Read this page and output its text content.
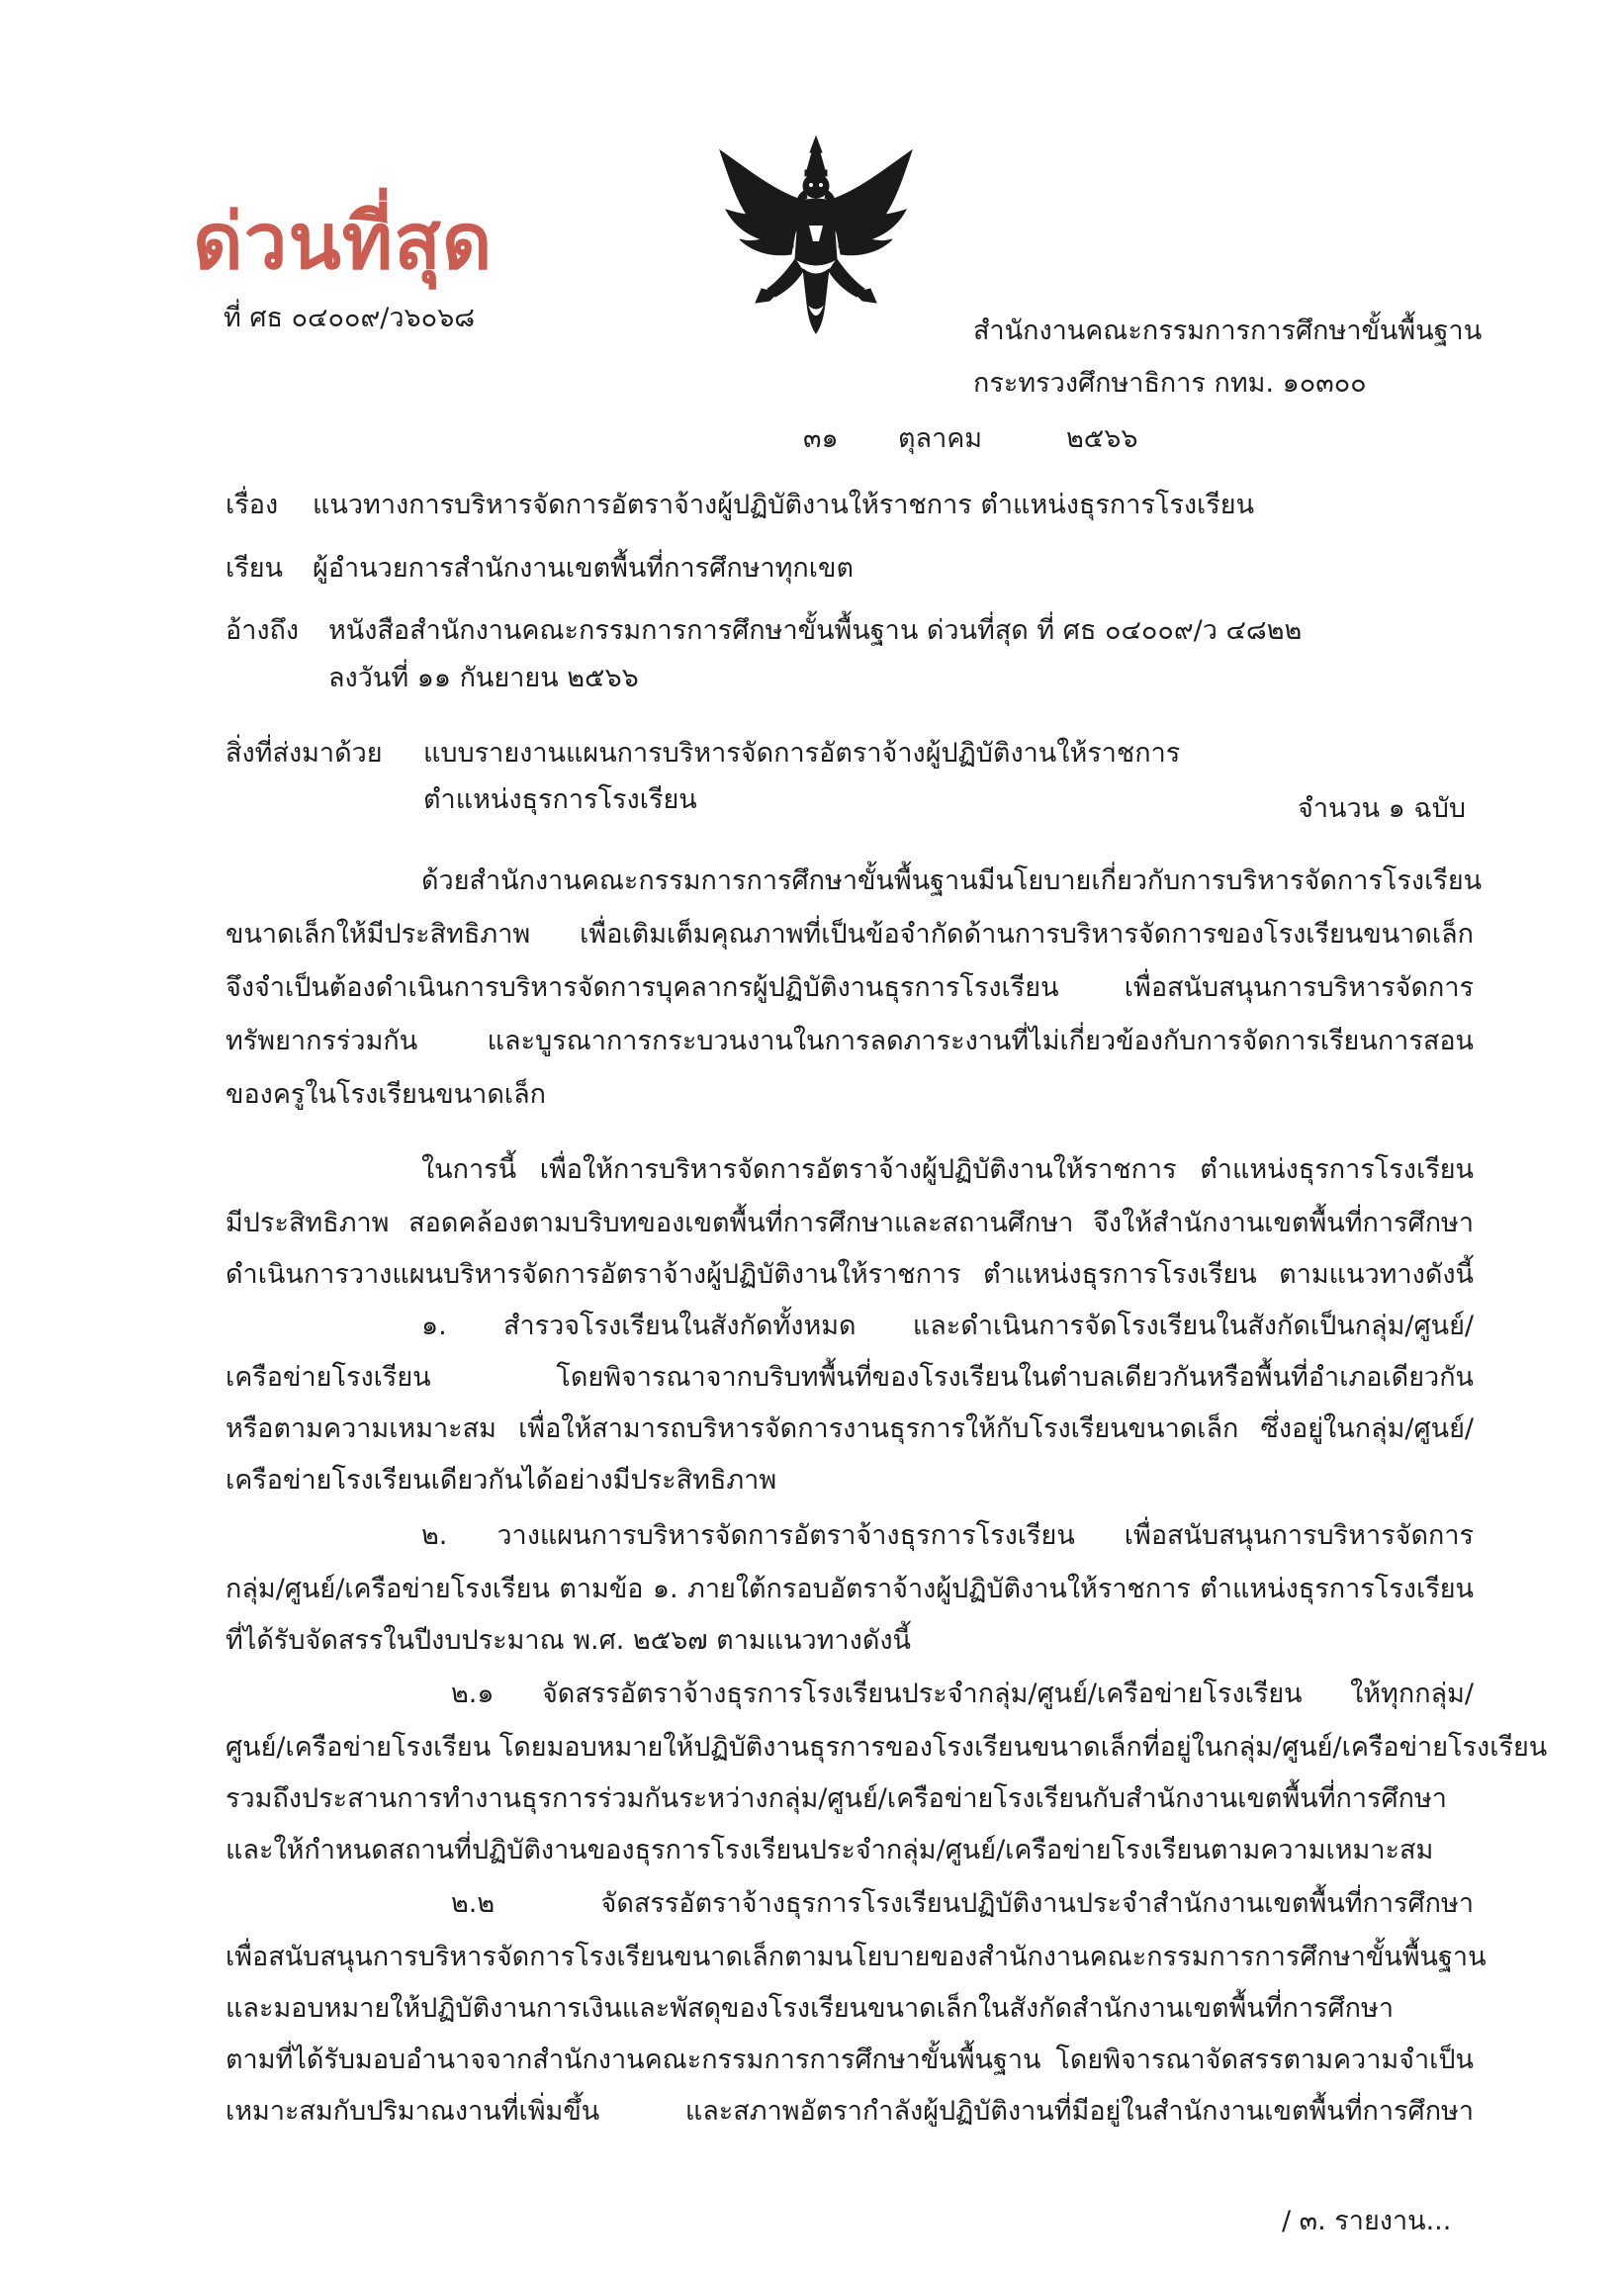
ด่วนที่สุด
ที่ ศธ ๐๔๐๐๙/ว๖๐๖๘	สำนักงานคณะกรรมการการศึกษาขั้นพื้นฐาน
กระทรวงศึกษาธิการ กทม. ๑๐๓๐๐
๓๑ ตุลาคม	๒๕๖๖
เรื่อง แนวทางการบริหารจัดการอัตราจ้างผู้ปฏิบัติงานให้ราชการ ตำแหน่งธุรการโรงเรียน
เรียน ผู้อำนวยการสำนักงานเขตพื้นที่การศึกษาทุกเขต
อ้างถึง หนังสือสำนักงานคณะกรรมการการศึกษาขั้นพื้นฐาน ด่วนที่สุด ที่ ศธ ๐๔๐๐๙/ว ๔๘๒๒
ลงวันที่ ๑๑ กันยายน ๒๕๖๖
สิ่งที่ส่งมาด้วย แบบรายงานแผนการบริหารจัดการอัตราจ้างผู้ปฏิบัติงานให้ราชการ
ตำแหน่งธุรการโรงเรียน	จำนวน ๑ ฉบับ
ด้วยสำนักงานคณะกรรมการการศึกษาขั้นพื้นฐานมีนโยบายเกี่ยวกับการบริหารจัดการโรงเรียน
ขนาดเล็กให้มีประสิทธิภาพ เพื่อเติมเต็มคุณภาพที่เป็นข้อจำกัดด้านการบริหารจัดการของโรงเรียนขนาดเล็ก
จึงจำเป็นต้องดำเนินการบริหารจัดการบุคลากรผู้ปฏิบัติงานธุรการโรงเรียน เพื่อสนับสนุนการบริหารจัดการ
ทรัพยากรร่วมกัน และบูรณาการกระบวนงานในการลดภาระงานที่ไม่เกี่ยวข้องกับการจัดการเรียนการสอน
ของครูในโรงเรียนขนาดเล็ก
ในการนี้ เพื่อให้การบริหารจัดการอัตราจ้างผู้ปฏิบัติงานให้ราชการ ตำแหน่งธุรการโรงเรียน
มีประสิทธิภาพ สอดคล้องตามบริบทของเขตพื้นที่การศึกษาและสถานศึกษา จึงให้สำนักงานเขตพื้นที่การศึกษา
ดำเนินการวางแผนบริหารจัดการอัตราจ้างผู้ปฏิบัติงานให้ราชการ ตำแหน่งธุรการโรงเรียน ตามแนวทางดังนี้
๑. สำรวจโรงเรียนในสังกัดทั้งหมด และดำเนินการจัดโรงเรียนในสังกัดเป็นกลุ่ม/ศูนย์/
เครือข่ายโรงเรียน โดยพิจารณาจากบริบทพื้นที่ของโรงเรียนในตำบลเดียวกันหรือพื้นที่อำเภอเดียวกัน
หรือตามความเหมาะสม เพื่อให้สามารถบริหารจัดการงานธุรการให้กับโรงเรียนขนาดเล็ก ซึ่งอยู่ในกลุ่ม/ศูนย์/
เครือข่ายโรงเรียนเดียวกันได้อย่างมีประสิทธิภาพ
๒. วางแผนการบริหารจัดการอัตราจ้างธุรการโรงเรียน เพื่อสนับสนุนการบริหารจัดการ
กลุ่ม/ศูนย์/เครือข่ายโรงเรียน ตามข้อ ๑. ภายใต้กรอบอัตราจ้างผู้ปฏิบัติงานให้ราชการ ตำแหน่งธุรการโรงเรียน
ที่ได้รับจัดสรรในปีงบประมาณ พ.ศ. ๒๕๖๗ ตามแนวทางดังนี้
๒.๑ จัดสรรอัตราจ้างธุรการโรงเรียนประจำกลุ่ม/ศูนย์/เครือข่ายโรงเรียน ให้ทุกกลุ่ม/
ศูนย์/เครือข่ายโรงเรียน โดยมอบหมายให้ปฏิบัติงานธุรการของโรงเรียนขนาดเล็กที่อยู่ในกลุ่ม/ศูนย์/เครือข่ายโรงเรียน
รวมถึงประสานการทำงานธุรการร่วมกันระหว่างกลุ่ม/ศูนย์/เครือข่ายโรงเรียนกับสำนักงานเขตพื้นที่การศึกษา
และให้กำหนดสถานที่ปฏิบัติงานของธุรการโรงเรียนประจำกลุ่ม/ศูนย์/เครือข่ายโรงเรียนตามความเหมาะสม
๒.๒ จัดสรรอัตราจ้างธุรการโรงเรียนปฏิบัติงานประจำสำนักงานเขตพื้นที่การศึกษา
เพื่อสนับสนุนการบริหารจัดการโรงเรียนขนาดเล็กตามนโยบายของสำนักงานคณะกรรมการการศึกษาขั้นพื้นฐาน
และมอบหมายให้ปฏิบัติงานการเงินและพัสดุของโรงเรียนขนาดเล็กในสังกัดสำนักงานเขตพื้นที่การศึกษา
ตามที่ได้รับมอบอำนาจจากสำนักงานคณะกรรมการการศึกษาขั้นพื้นฐาน โดยพิจารณาจัดสรรตามความจำเป็น
เหมาะสมกับปริมาณงานที่เพิ่มขึ้น และสภาพอัตรากำลังผู้ปฏิบัติงานที่มีอยู่ในสำนักงานเขตพื้นที่การศึกษา
/ ๓. รายงาน...
